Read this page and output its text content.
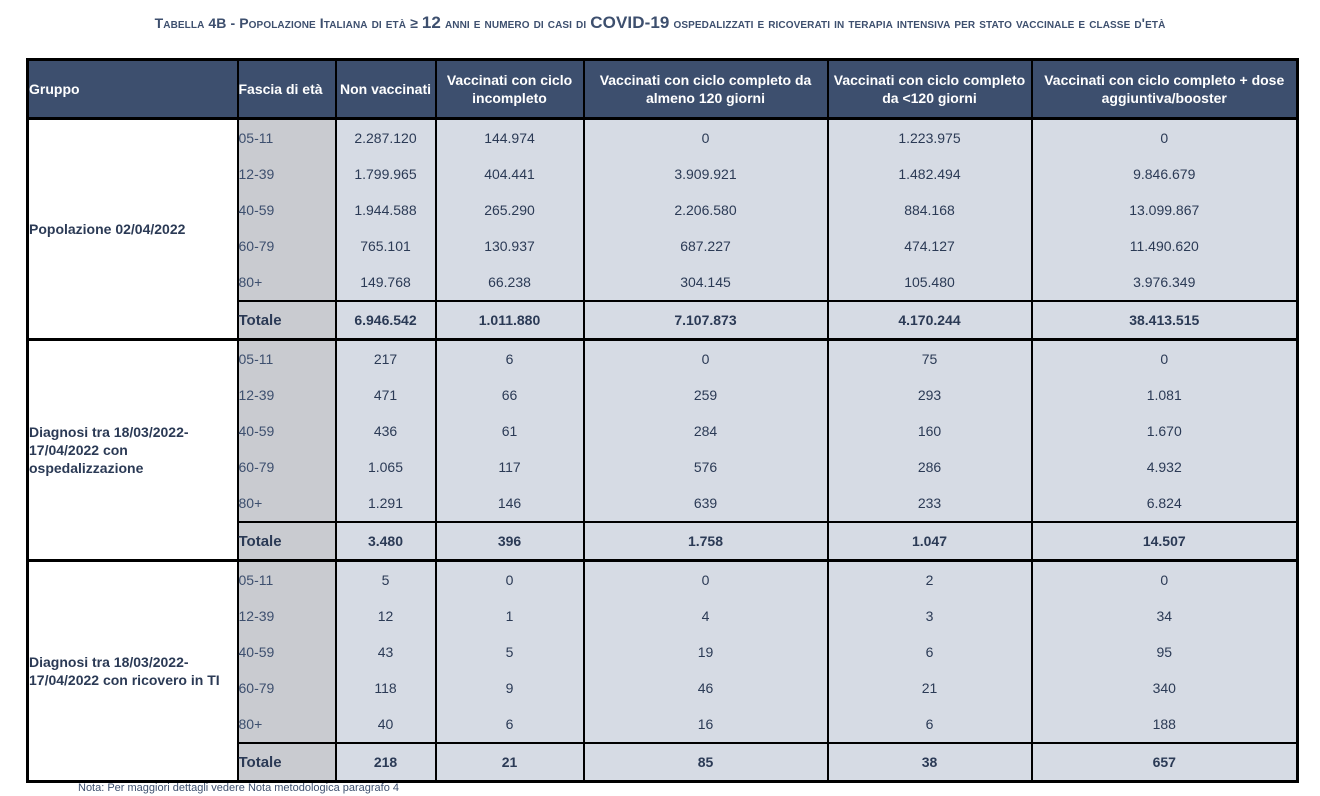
Tabella 4B - Popolazione Italiana di età ≥ 12 anni e numero di casi di COVID-19 ospedalizzati e ricoverati in terapia intensiva per stato vaccinale e classe d'età
Gruppo	Fascia di età	Non vaccinati	Vaccinati con ciclo incompleto	Vaccinati con ciclo completo da almeno 120 giorni	Vaccinati con ciclo completo da <120 giorni	Vaccinati con ciclo completo + dose aggiuntiva/booster
Popolazione 02/04/2022	05-11	2.287.120	144.974	0	1.223.975	0
	12-39	1.799.965	404.441	3.909.921	1.482.494	9.846.679
	40-59	1.944.588	265.290	2.206.580	884.168	13.099.867
	60-79	765.101	130.937	687.227	474.127	11.490.620
	80+	149.768	66.238	304.145	105.480	3.976.349
	Totale	6.946.542	1.011.880	7.107.873	4.170.244	38.413.515
Diagnosi tra 18/03/2022-17/04/2022 con ospedalizzazione	05-11	217	6	0	75	0
	12-39	471	66	259	293	1.081
	40-59	436	61	284	160	1.670
	60-79	1.065	117	576	286	4.932
	80+	1.291	146	639	233	6.824
	Totale	3.480	396	1.758	1.047	14.507
Diagnosi tra 18/03/2022-17/04/2022 con ricovero in TI	05-11	5	0	0	2	0
	12-39	12	1	4	3	34
	40-59	43	5	19	6	95
	60-79	118	9	46	21	340
	80+	40	6	16	6	188
	Totale	218	21	85	38	657
Nota: Per maggiori dettagli vedere Nota metodologica paragrafo 4
